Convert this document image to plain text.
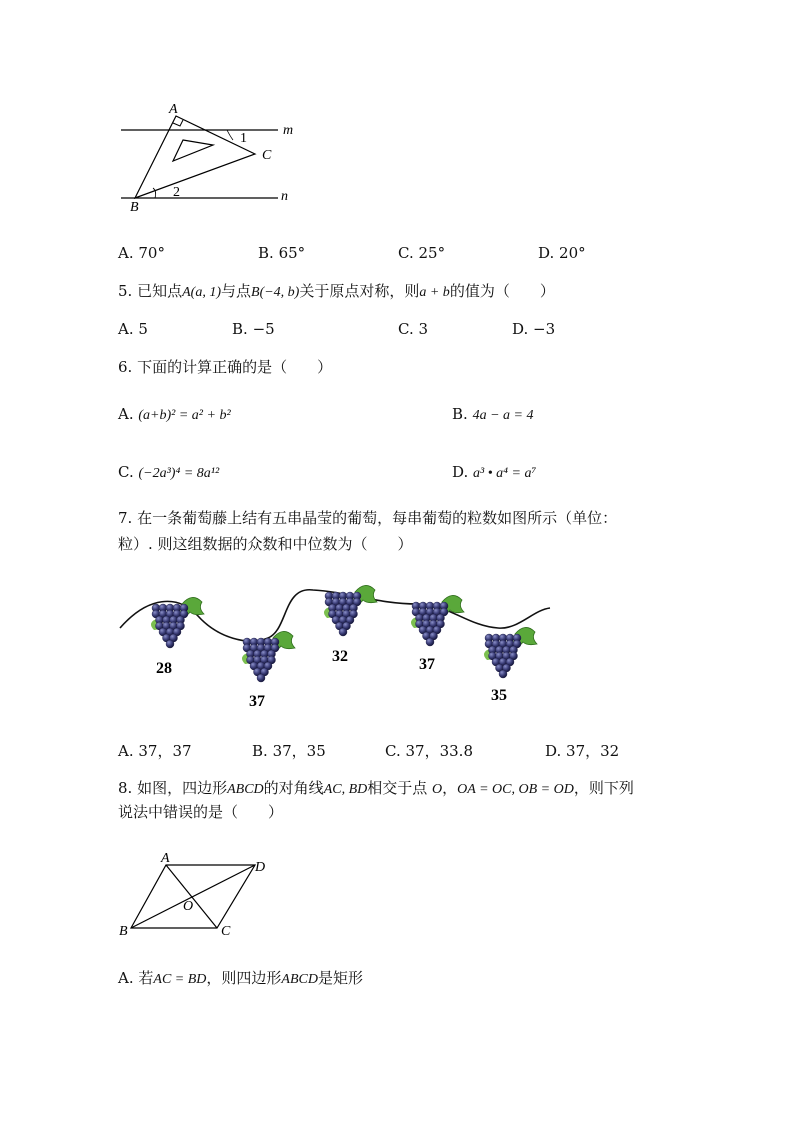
A
B
C
m
n
1
2
A. 70°	B. 65°	C. 25°	D. 20°
5. 已知点A(a, 1)与点B(−4, b)关于原点对称，则a + b的值为（　　）
A. 5	B. −5	C. 3	D. −3
6. 下面的计算正确的是（　　）
A. (a+b)² = a² + b²	B. 4a − a = 4
C. (−2a³)⁴ = 8a¹²	D. a³ • a⁴ = a⁷
7. 在一条葡萄藤上结有五串晶莹的葡萄，每串葡萄的粒数如图所示（单位：
粒）. 则这组数据的众数和中位数为（　　）
28
37
32	37
35
A. 37，37	B. 37，35	C. 37，33.8	D. 37，32
8. 如图，四边形ABCD的对角线AC, BD相交于点 O，OA = OC, OB = OD，则下列
说法中错误的是（　　）
A
D
B	C
O
A. 若AC = BD，则四边形ABCD是矩形
